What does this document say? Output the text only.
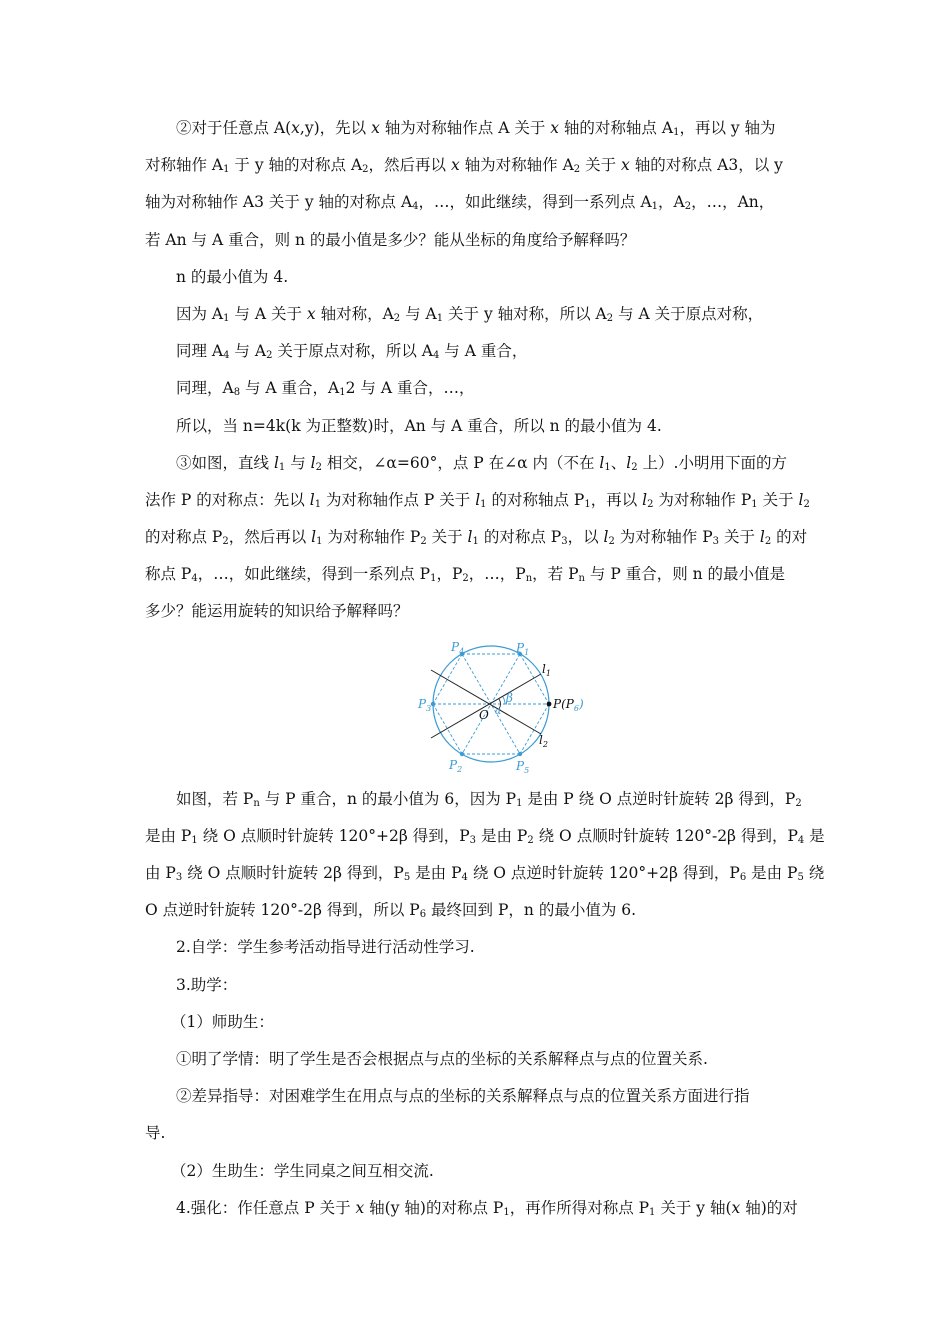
②对于任意点 A(x,y)，先以 x 轴为对称轴作点 A 关于 x 轴的对称轴点 $A_1$，再以 y 轴为
对称轴作 $A_1$ 于 y 轴的对称点 $A_2$，然后再以 x 轴为对称轴作 $A_2$ 关于 x 轴的对称点 A3，以 y
轴为对称轴作 A3 关于 y 轴的对称点 $A_4$，…，如此继续，得到一系列点 $A_1$，$A_2$，…，An，
若 An 与 A 重合，则 n 的最小值是多少？能从坐标的角度给予解释吗？
n 的最小值为 4.
因为 $A_1$ 与 A 关于 x 轴对称，$A_2$ 与 $A_1$ 关于 y 轴对称，所以 $A_2$ 与 A 关于原点对称，
同理 $A_4$ 与 $A_2$ 关于原点对称，所以 $A_4$ 与 A 重合，
同理，$A_8$ 与 A 重合，$A_12$ 与 A 重合，…，
所以，当 n=4k(k 为正整数)时，An 与 A 重合，所以 n 的最小值为 4.
③如图，直线 $l_1$ 与 $l_2$ 相交，∠α=60°，点 P 在∠α 内（不在 $l_1$、$l_2$ 上）.小明用下面的方
法作 P 的对称点：先以 $l_1$ 为对称轴作点 P 关于 $l_1$ 的对称轴点 $P_1$，再以 $l_2$ 为对称轴作 $P_1$ 关于 $l_2$
的对称点 $P_2$，然后再以 $l_1$ 为对称轴作 $P_2$ 关于 $l_1$ 的对称点 $P_3$，以 $l_2$ 为对称轴作 $P_3$ 关于 $l_2$ 的对
称点 $P_4$，…，如此继续，得到一系列点 $P_1$，$P_2$，…，$P_n$，若 $P_n$ 与 P 重合，则 n 的最小值是
多少？能运用旋转的知识给予解释吗？
$P_4$	$P_1$
$P_3$
$P_2$	$P_5$
$P(P_6)$
O
β
α
$l_1$
$l_2$
如图，若 $P_n$ 与 P 重合，n 的最小值为 6，因为 $P_1$ 是由 P 绕 O 点逆时针旋转 2β 得到，$P_2$
是由 $P_1$ 绕 O 点顺时针旋转 120°+2β 得到，$P_3$ 是由 $P_2$ 绕 O 点顺时针旋转 120°-2β 得到，$P_4$ 是
由 $P_3$ 绕 O 点顺时针旋转 2β 得到，$P_5$ 是由 $P_4$ 绕 O 点逆时针旋转 120°+2β 得到，$P_6$ 是由 $P_5$ 绕
O 点逆时针旋转 120°-2β 得到，所以 $P_6$ 最终回到 P，n 的最小值为 6.
2.自学：学生参考活动指导进行活动性学习.
3.助学：
（1）师助生：
①明了学情：明了学生是否会根据点与点的坐标的关系解释点与点的位置关系.
②差异指导：对困难学生在用点与点的坐标的关系解释点与点的位置关系方面进行指
导.
（2）生助生：学生同桌之间互相交流.
4.强化：作任意点 P 关于 x 轴(y 轴)的对称点 $P_1$，再作所得对称点 $P_1$ 关于 y 轴(x 轴)的对
